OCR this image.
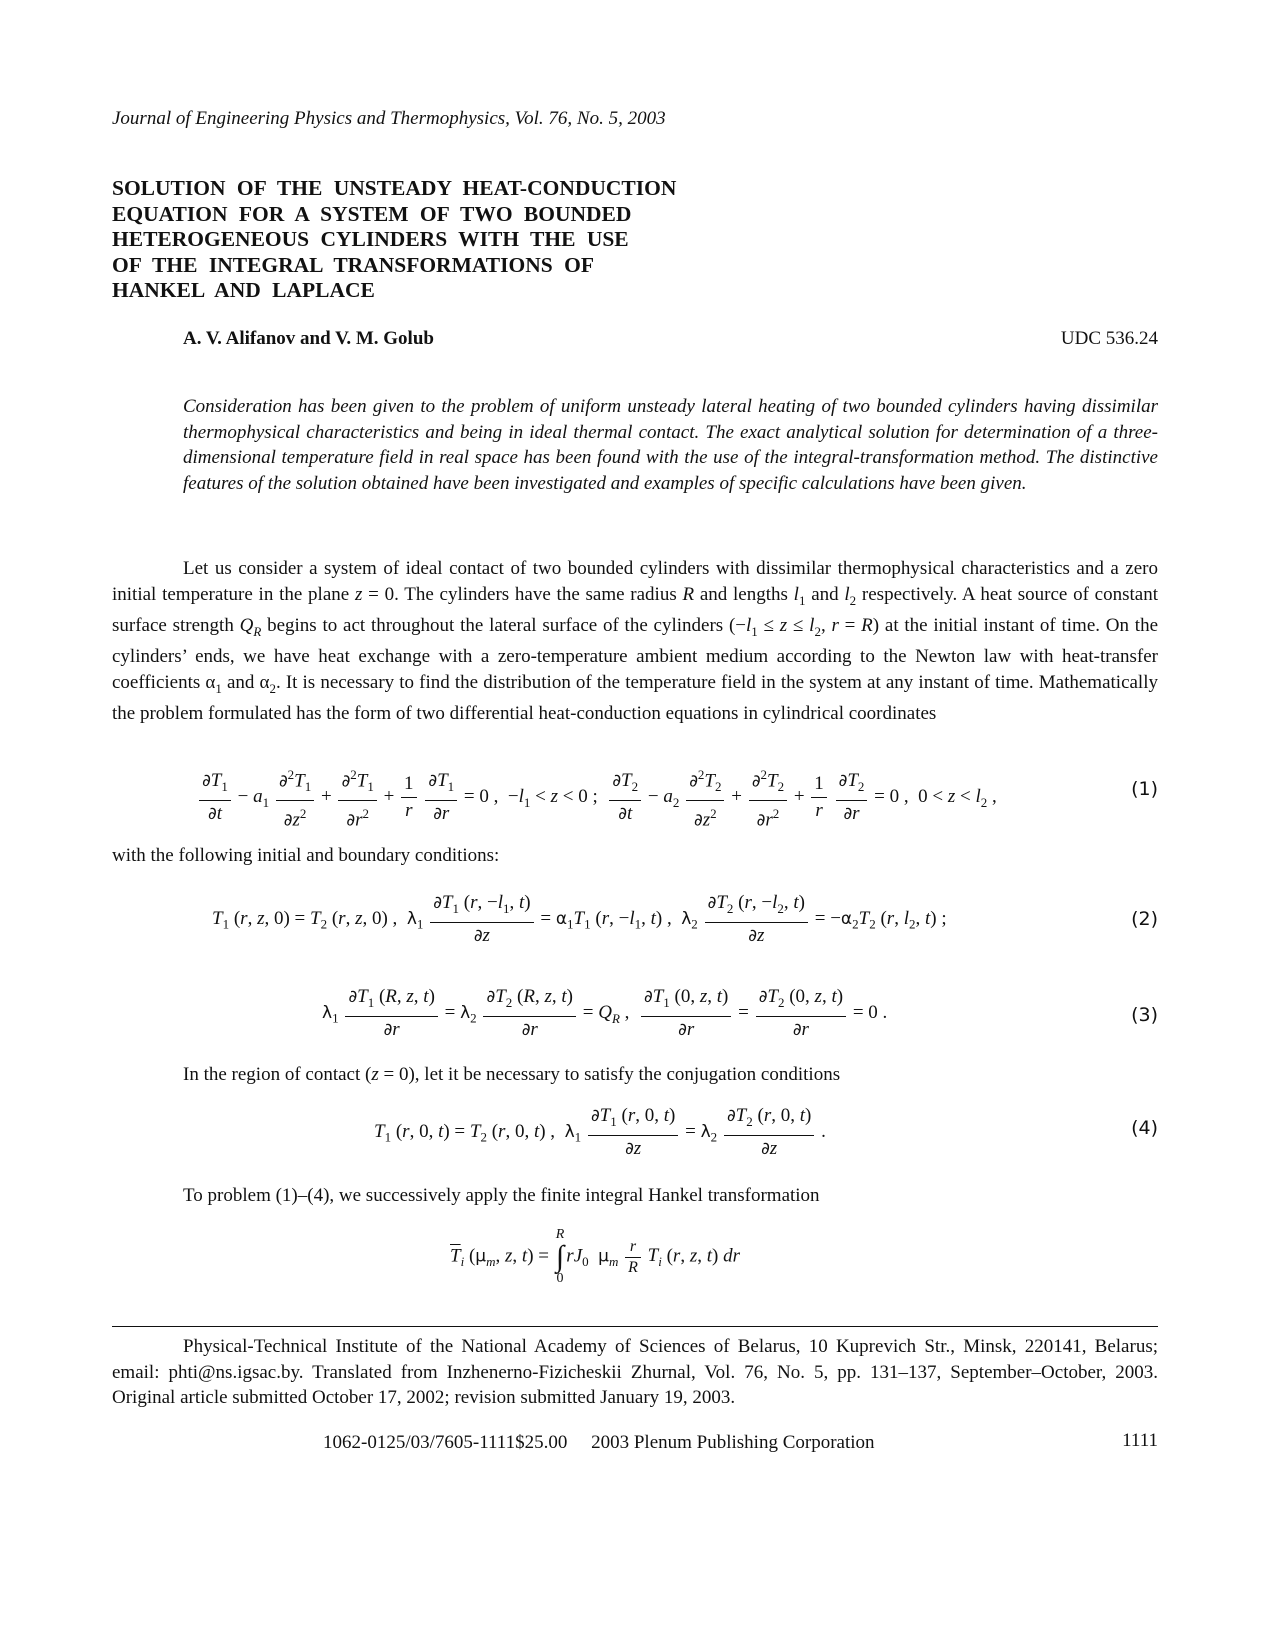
Journal of Engineering Physics and Thermophysics, Vol. 76, No. 5, 2003
SOLUTION OF THE UNSTEADY HEAT-CONDUCTION
EQUATION FOR A SYSTEM OF TWO BOUNDED
HETEROGENEOUS CYLINDERS WITH THE USE
OF THE INTEGRAL TRANSFORMATIONS OF
HANKEL AND LAPLACE
A. V. Alifanov and V. M. Golub	UDC 536.24
Consideration has been given to the problem of uniform unsteady lateral heating of two bounded cylinders having dissimilar thermophysical characteristics and being in ideal thermal contact. The exact analytical solution for determination of a three-dimensional temperature field in real space has been found with the use of the integral-transformation method. The distinctive features of the solution obtained have been investigated and examples of specific calculations have been given.
Let us consider a system of ideal contact of two bounded cylinders with dissimilar thermophysical characteristics and a zero initial temperature in the plane z = 0. The cylinders have the same radius R and lengths $l_1$ and $l_2$ respectively. A heat source of constant surface strength $Q_R$ begins to act throughout the lateral surface of the cylinders ($-l_1 \le z \le l_2$, r = R) at the initial instant of time. On the cylinders’ ends, we have heat exchange with a zero-temperature ambient medium according to the Newton law with heat-transfer coefficients $\alpha_1$ and $\alpha_2$. It is necessary to find the distribution of the temperature field in the system at any instant of time. Mathematically the problem formulated has the form of two differential heat-conduction equations in cylindrical coordinates
$\frac{\partial T_1}{\partial t} - a_1 \frac{\partial^2T_1}{\partial z^2} + \frac{\partial^2T_1}{\partial r^2} + \frac{1}{r}$
$\frac{\partial T_1}{\partial r} = 0$ ,  $-l_1 < z < 0$ ; $\frac{\partial T_2}{\partial t} - a_2 \frac{\partial^2T_2}{\partial z^2} + \frac{\partial^2T_2}{\partial r^2} + \frac{1}{r}$
$\frac{\partial T_2}{\partial r} = 0$ ,  $0 < z < l_2$ ,	(1)
with the following initial and boundary conditions:
$T_1$ (r, z, $0) = T_2$ (r, z, 0) ,  $\lambda_1 \frac{\partial T_1 (r, -l_1, t)}{\partial z} = \alpha_1T_1$ (r, $-l_1$, t) ,  $\lambda_2 \frac{\partial T_2 (r, -l_2, t)}{\partial z} = -\alpha_2T_2$ (r, $l_2$, t) ;	(2)
$\lambda_1 \frac{\partial T_1 (R, z, t)}{\partial r} = \lambda_2 \frac{\partial T_2 (R, z, t)}{\partial r} = Q_R$ , $\frac{\partial T_1 (0, z, t)}{\partial r} = \frac{\partial T_2 (0, z, t)}{\partial r} = 0$ .	(3)
In the region of contact (z = 0), let it be necessary to satisfy the conjugation conditions
$T_1$ (r, 0, $t) = T_2$ (r, 0, t) ,  $\lambda_1 \frac{\partial T_1 (r, 0, t)}{\partial z} = \lambda_2 \frac{\partial T_2 (r, 0, t)}{\partial z}$ .	(4)
To problem (1)–(4), we successively apply the finite integral Hankel transformation
$\overline{T}_i$ ($\mu_m$, z, t) =
R
∫
0
$rJ_0$ $\mu_m \frac{r}{R} T_i$ (r, z, t) dr
Physical-Technical Institute of the National Academy of Sciences of Belarus, 10 Kuprevich Str., Minsk, 220141, Belarus; email: phti@ns.igsac.by. Translated from Inzhenerno-Fizicheskii Zhurnal, Vol. 76, No. 5, pp. 131–137, September–October, 2003. Original article submitted October 17, 2002; revision submitted January 19, 2003.
1062-0125/03/7605-1111$25.00     2003 Plenum Publishing Corporation	1111
